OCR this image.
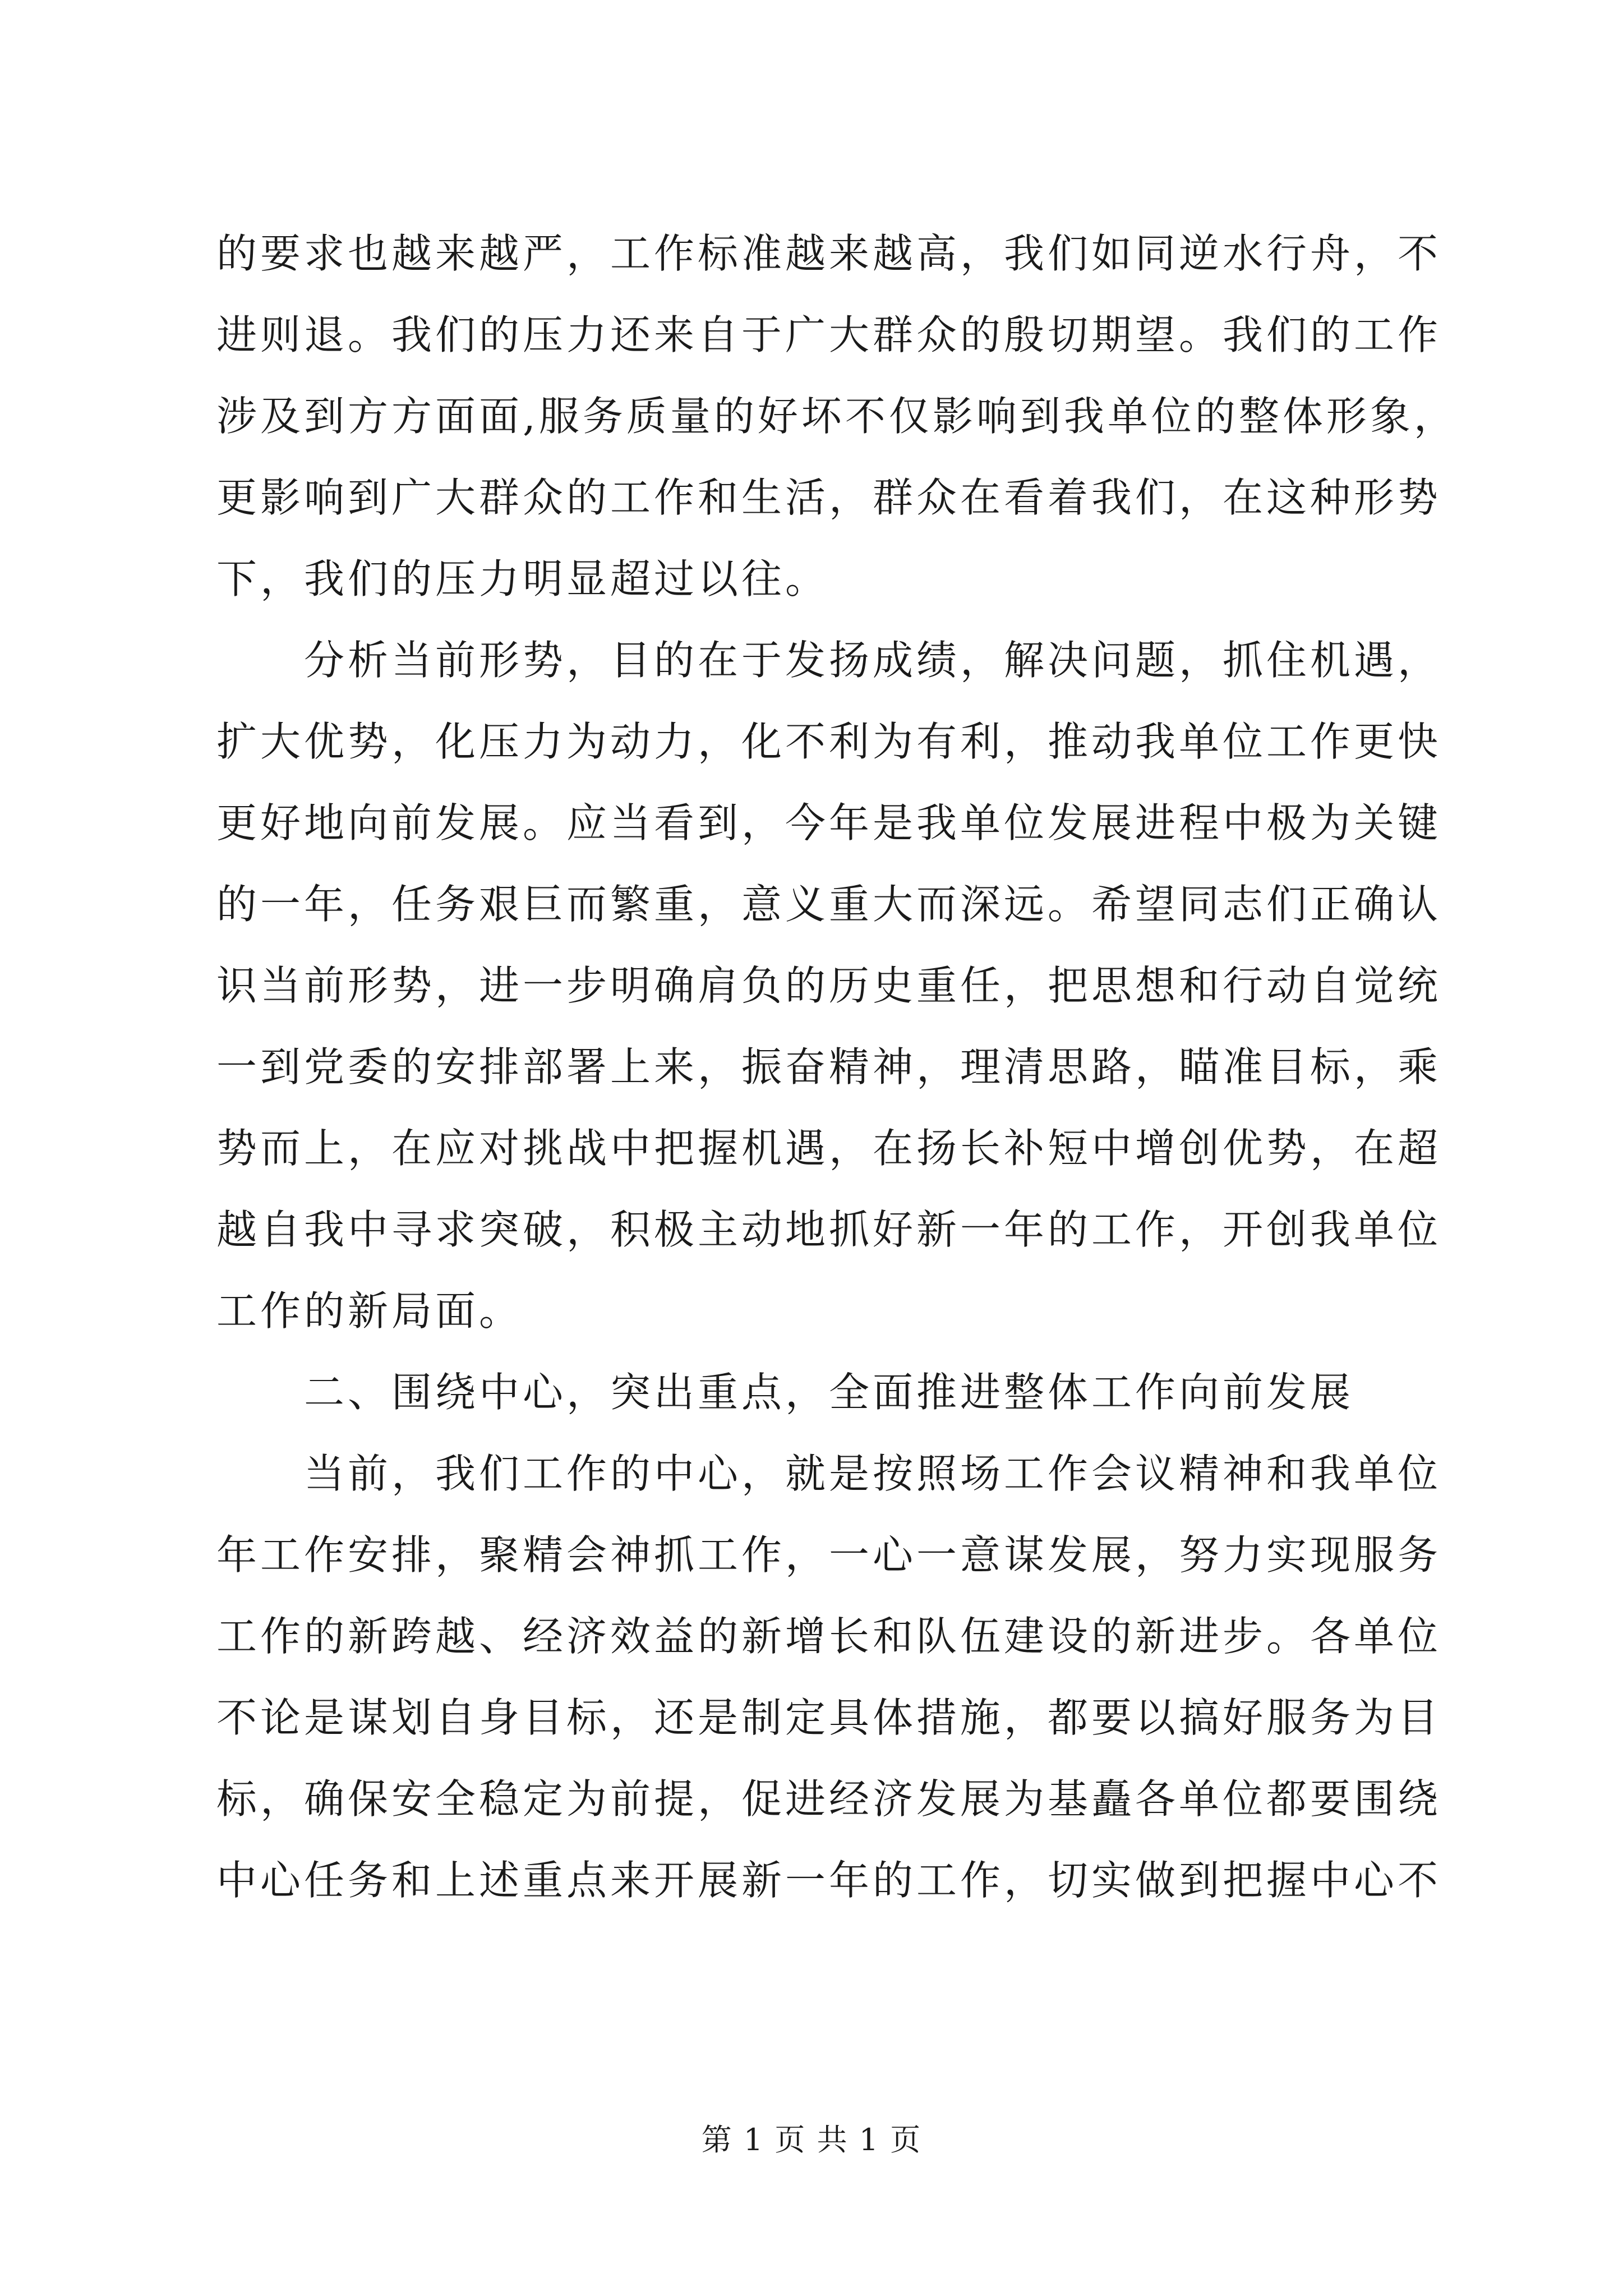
的要求也越来越严，工作标准越来越高，我们如同逆水行舟，不
进则退。我们的压力还来自于广大群众的殷切期望。我们的工作
涉及到方方面面,服务质量的好坏不仅影响到我单位的整体形象，
更影响到广大群众的工作和生活，群众在看着我们，在这种形势
下，我们的压力明显超过以往。
分析当前形势，目的在于发扬成绩，解决问题，抓住机遇，
扩大优势，化压力为动力，化不利为有利，推动我单位工作更快
更好地向前发展。应当看到，今年是我单位发展进程中极为关键
的一年，任务艰巨而繁重，意义重大而深远。希望同志们正确认
识当前形势，进一步明确肩负的历史重任，把思想和行动自觉统
一到党委的安排部署上来，振奋精神，理清思路，瞄准目标，乘
势而上，在应对挑战中把握机遇，在扬长补短中增创优势，在超
越自我中寻求突破，积极主动地抓好新一年的工作，开创我单位
工作的新局面。
二、围绕中心，突出重点，全面推进整体工作向前发展
当前，我们工作的中心，就是按照场工作会议精神和我单位
年工作安排，聚精会神抓工作，一心一意谋发展，努力实现服务
工作的新跨越、经济效益的新增长和队伍建设的新进步。各单位
不论是谋划自身目标，还是制定具体措施，都要以搞好服务为目
标，确保安全稳定为前提，促进经济发展为基矗各单位都要围绕
中心任务和上述重点来开展新一年的工作，切实做到把握中心不
第 1 页 共 1 页
